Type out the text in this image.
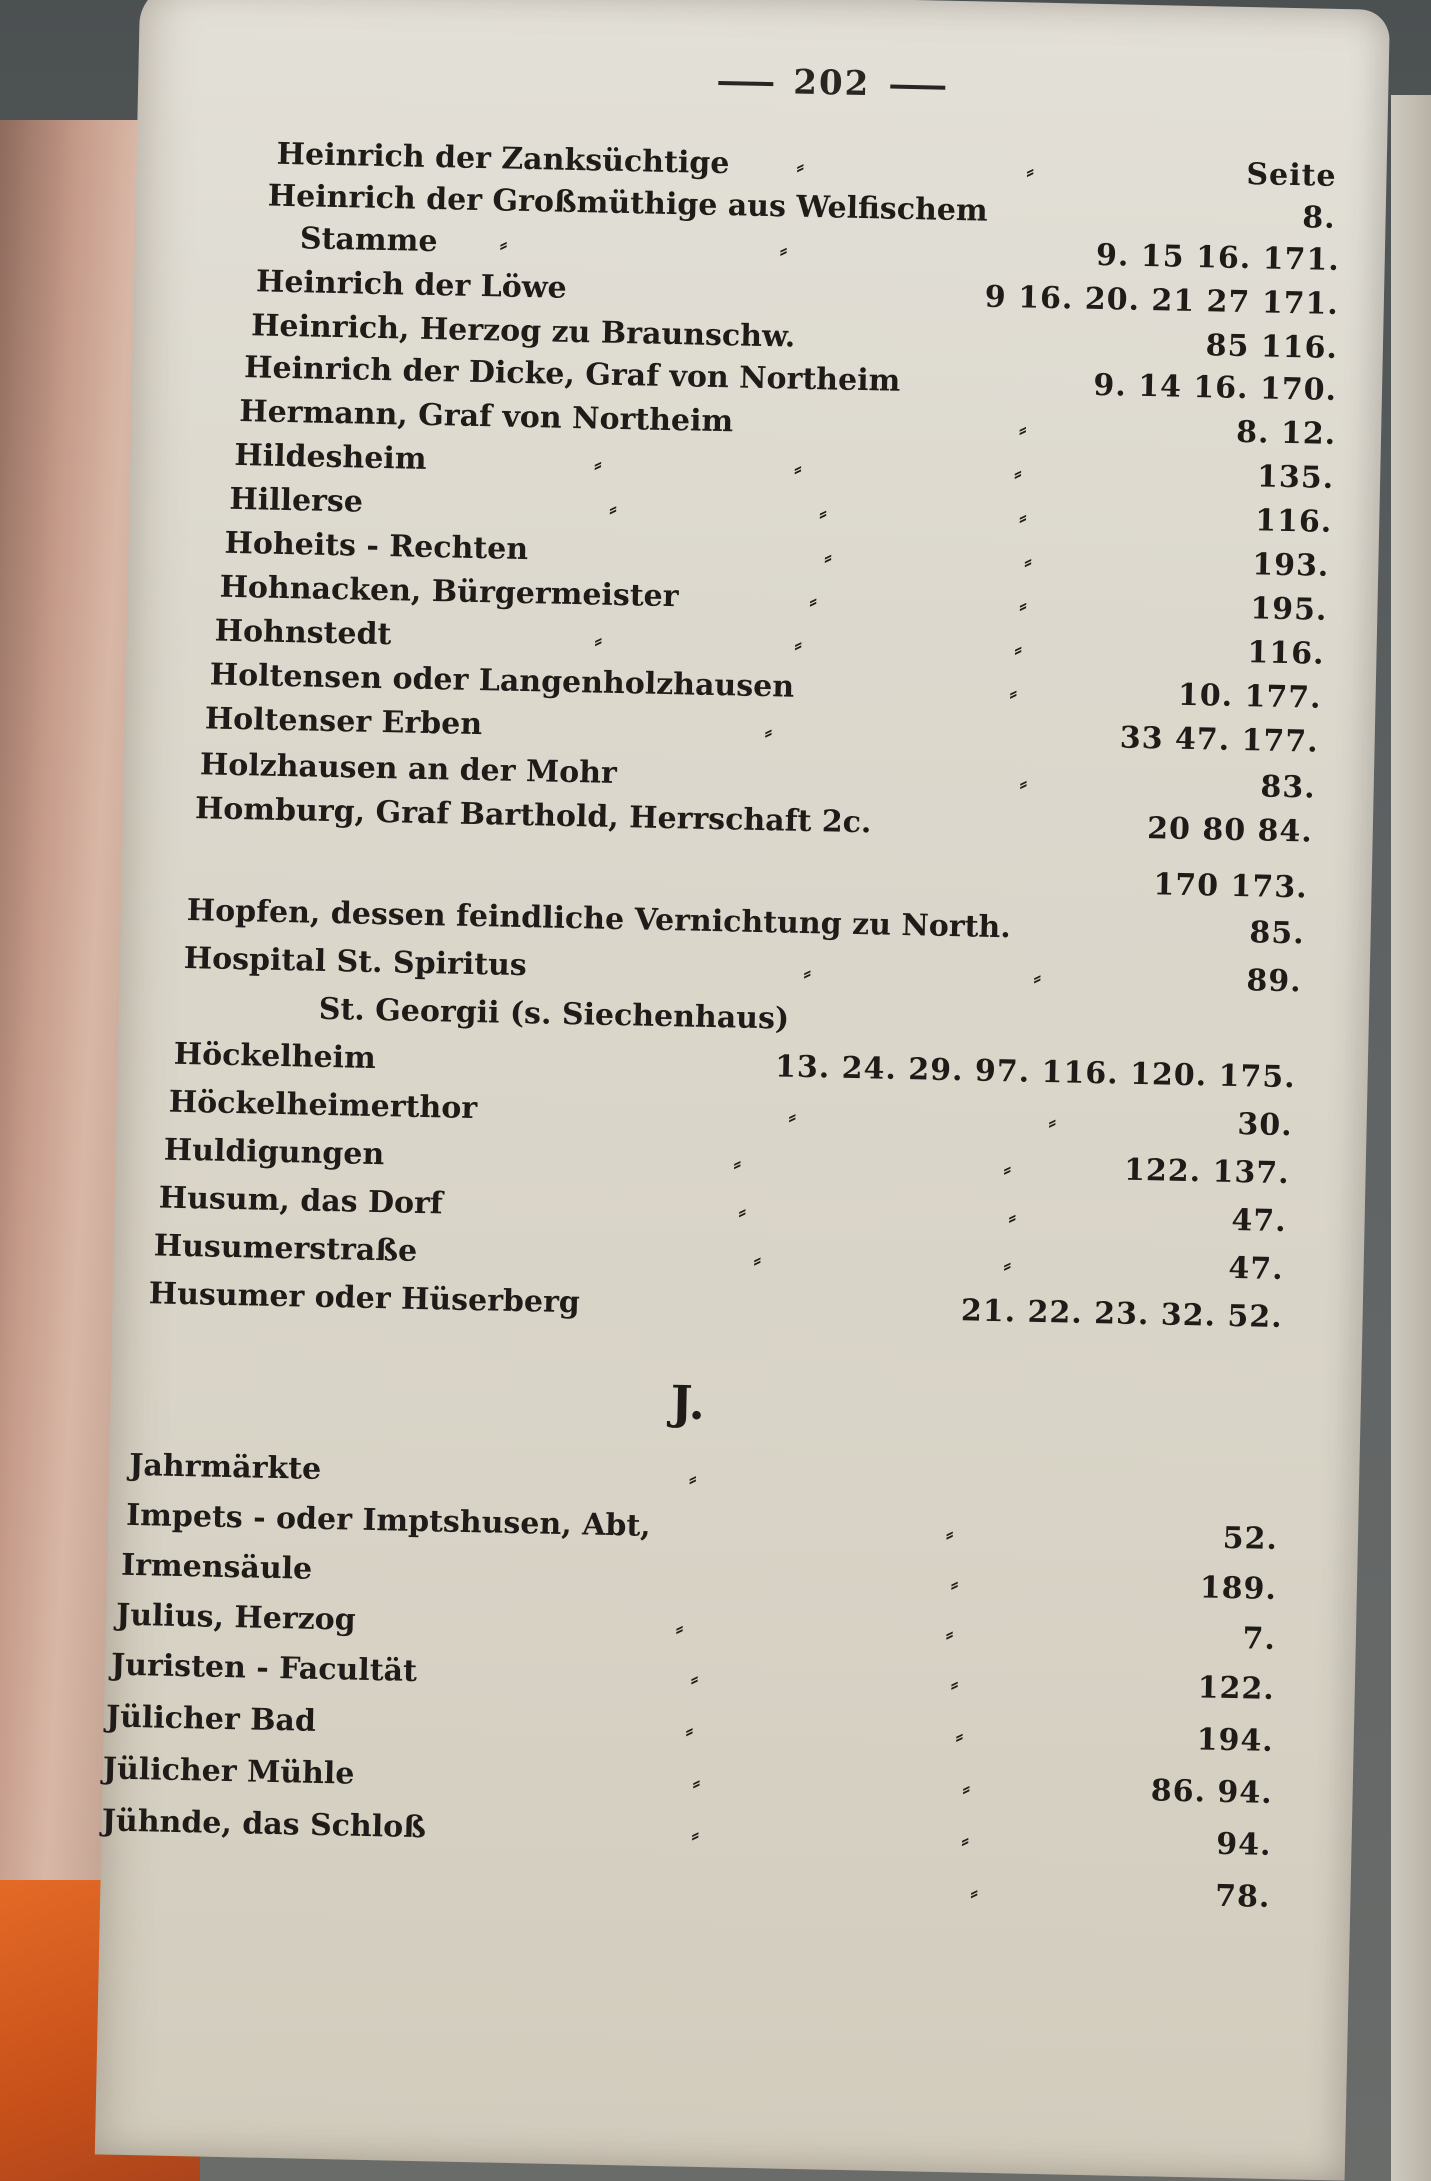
202
Heinrich der Zanksüchtige	⸗	⸗	Seite
Heinrich der Großmüthige aus Welfischem	8.
Stamme	⸗	⸗	9. 15 16. 171.
Heinrich der Löwe	9 16. 20. 21 27 171.
Heinrich, Herzog zu Braunschw.	85 116.
Heinrich der Dicke, Graf von Northeim	9. 14 16. 170.
Hermann, Graf von Northeim	⸗	8. 12.
Hildesheim	⸗	⸗	⸗	135.
Hillerse	⸗	⸗	⸗	116.
Hoheits - Rechten	⸗	⸗	193.
Hohnacken, Bürgermeister	⸗	⸗	195.
Hohnstedt	⸗	⸗	⸗	116.
Holtensen oder Langenholzhausen	⸗	10. 177.
Holtenser Erben	⸗	33 47. 177.
Holzhausen an der Mohr	⸗	83.
Homburg, Graf Barthold, Herrschaft 2c.	20 80 84.
170 173.
Hopfen, dessen feindliche Vernichtung zu North.	85.
Hospital St. Spiritus	⸗	⸗	89.
St. Georgii (s. Siechenhaus)
Höckelheim	13. 24. 29. 97. 116. 120. 175.
Höckelheimerthor	⸗	⸗	30.
Huldigungen	⸗	⸗	122. 137.
Husum, das Dorf	⸗	⸗	47.
Husumerstraße	⸗	⸗	47.
Husumer oder Hüserberg	21. 22. 23. 32. 52.
J.
Jahrmärkte	⸗
Impets - oder Imptshusen, Abt,	⸗	52.
Irmensäule	⸗	189.
Julius, Herzog	⸗	⸗	7.
Juristen - Facultät	⸗	⸗	122.
Jülicher Bad	⸗	⸗	194.
Jülicher Mühle	⸗	⸗	86. 94.
Jühnde, das Schloß	⸗	⸗	94.
⸗	78.
